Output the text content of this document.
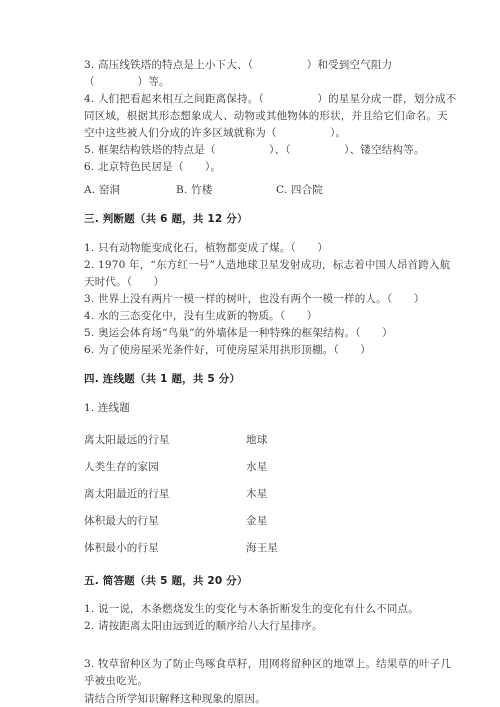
3. 高压线铁塔的特点是上小下大、（　　　　　）和受到空气阻力
（　　　　）等。
4. 人们把看起来相互之间距离保持。（　　　　　）的星星分成一群，划分成不
同区域，根据其形态想象成人、动物或其他物体的形状，并且给它们命名。天
空中这些被人们分成的许多区域就称为（　　　　　）。
5. 框架结构铁塔的特点是（　　　　　）、（　　　　　）、镂空结构等。
6. 北京特色民居是（　　）。
A. 窑洞	B. 竹楼	C. 四合院
三. 判断题（共 6 题，共 12 分）
1. 只有动物能变成化石，植物都变成了煤。（　　）
2. 1970 年，“东方红一号”人造地球卫星发射成功，标志着中国人昂首跨入航
天时代。（　　）
3. 世界上没有两片一模一样的树叶，也没有两个一模一样的人。（　　）
4. 水的三态变化中，没有生成新的物质。（　　）
5. 奥运会体育场“鸟巢”的外墙体是一种特殊的框架结构。（　　）
6. 为了使房屋采光条件好，可使房屋采用拱形顶棚。（　　）
四. 连线题（共 1 题，共 5 分）
1. 连线题
离太阳最远的行星	地球
人类生存的家园	水星
离太阳最近的行星	木星
体积最大的行星	金星
体积最小的行星	海王星
五. 简答题（共 5 题，共 20 分）
1. 说一说，木条燃烧发生的变化与木条折断发生的变化有什么不同点。
2. 请按距离太阳由远到近的顺序给八大行星排序。
3. 牧草留种区为了防止鸟啄食草籽，用网将留种区的地罩上。结果草的叶子几
乎被虫吃光。
请结合所学知识解释这种现象的原因。
